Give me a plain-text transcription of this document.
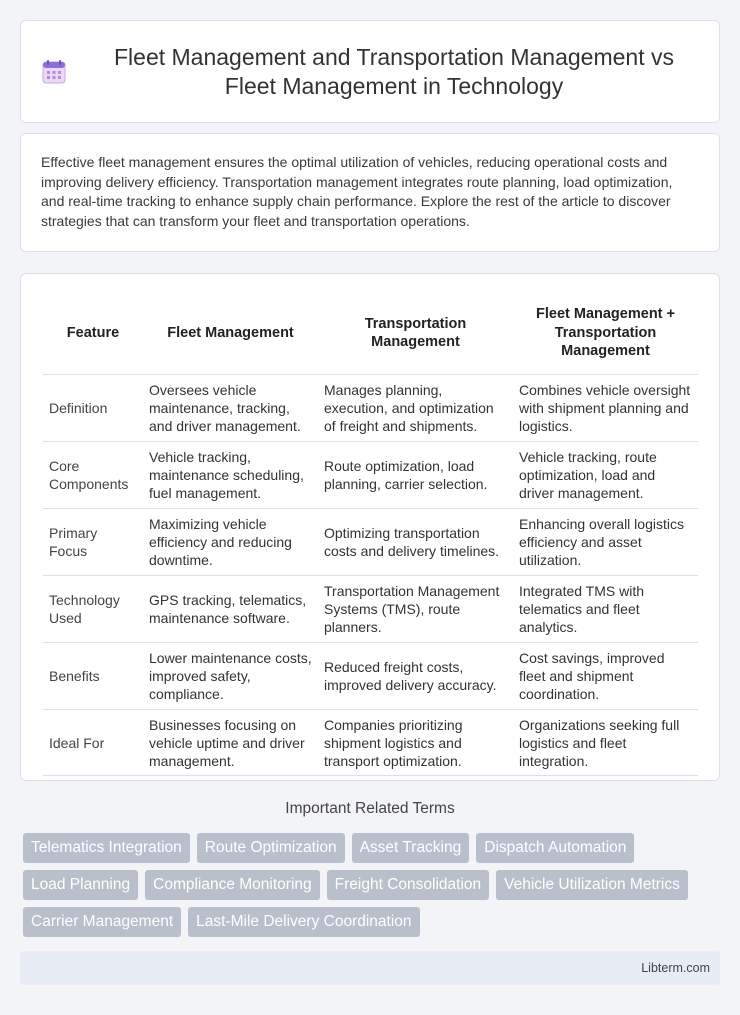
Fleet Management and Transportation Management vs Fleet Management in Technology

Effective fleet management ensures the optimal utilization of vehicles, reducing operational costs and improving delivery efficiency. Transportation management integrates route planning, load optimization, and real-time tracking to enhance supply chain performance. Explore the rest of the article to discover strategies that can transform your fleet and transportation operations.

Feature	Fleet Management	Transportation Management	Fleet Management + Transportation Management
Definition	Oversees vehicle maintenance, tracking, and driver management.	Manages planning, execution, and optimization of freight and shipments.	Combines vehicle oversight with shipment planning and logistics.
Core Components	Vehicle tracking, maintenance scheduling, fuel management.	Route optimization, load planning, carrier selection.	Vehicle tracking, route optimization, load and driver management.
Primary Focus	Maximizing vehicle efficiency and reducing downtime.	Optimizing transportation costs and delivery timelines.	Enhancing overall logistics efficiency and asset utilization.
Technology Used	GPS tracking, telematics, maintenance software.	Transportation Management Systems (TMS), route planners.	Integrated TMS with telematics and fleet analytics.
Benefits	Lower maintenance costs, improved safety, compliance.	Reduced freight costs, improved delivery accuracy.	Cost savings, improved fleet and shipment coordination.
Ideal For	Businesses focusing on vehicle uptime and driver management.	Companies prioritizing shipment logistics and transport optimization.	Organizations seeking full logistics and fleet integration.
Important Related Terms
Telematics Integration	Route Optimization	Asset Tracking	Dispatch Automation
Load Planning	Compliance Monitoring	Freight Consolidation	Vehicle Utilization Metrics
Carrier Management	Last-Mile Delivery Coordination
Libterm.com
